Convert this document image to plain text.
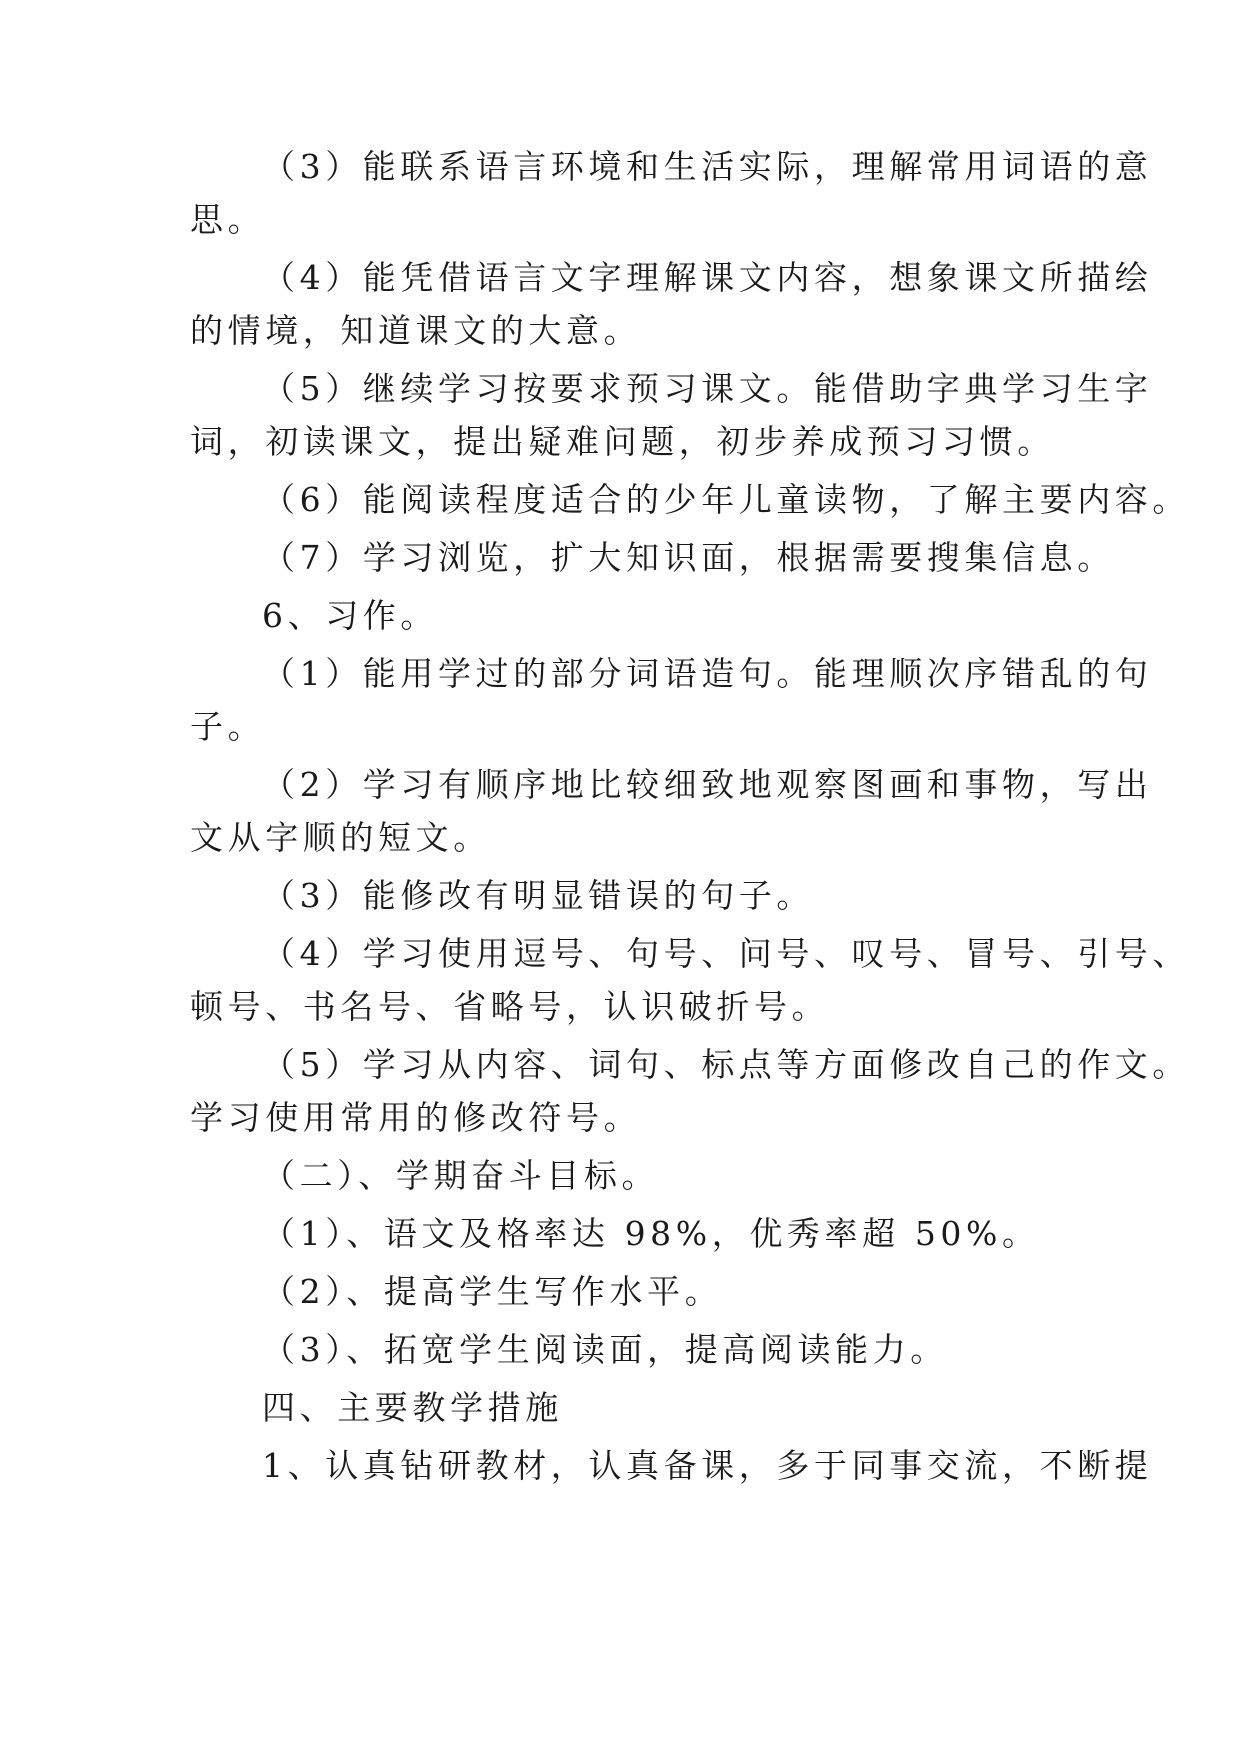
（3）能联系语言环境和生活实际，理解常用词语的意

思。

（4）能凭借语言文字理解课文内容，想象课文所描绘

的情境，知道课文的大意。

（5）继续学习按要求预习课文。能借助字典学习生字

词，初读课文，提出疑难问题，初步养成预习习惯。

（6）能阅读程度适合的少年儿童读物，了解主要内容。

（7）学习浏览，扩大知识面，根据需要搜集信息。

6、习作。

（1）能用学过的部分词语造句。能理顺次序错乱的句

子。

（2）学习有顺序地比较细致地观察图画和事物，写出

文从字顺的短文。

（3）能修改有明显错误的句子。

（4）学习使用逗号、句号、问号、叹号、冒号、引号、

顿号、书名号、省略号，认识破折号。

（5）学习从内容、词句、标点等方面修改自己的作文。

学习使用常用的修改符号。

（二）、学期奋斗目标。

（1）、语文及格率达 98%，优秀率超 50%。

（2）、提高学生写作水平。

（3）、拓宽学生阅读面，提高阅读能力。

四、主要教学措施

1、认真钻研教材，认真备课，多于同事交流，不断提
